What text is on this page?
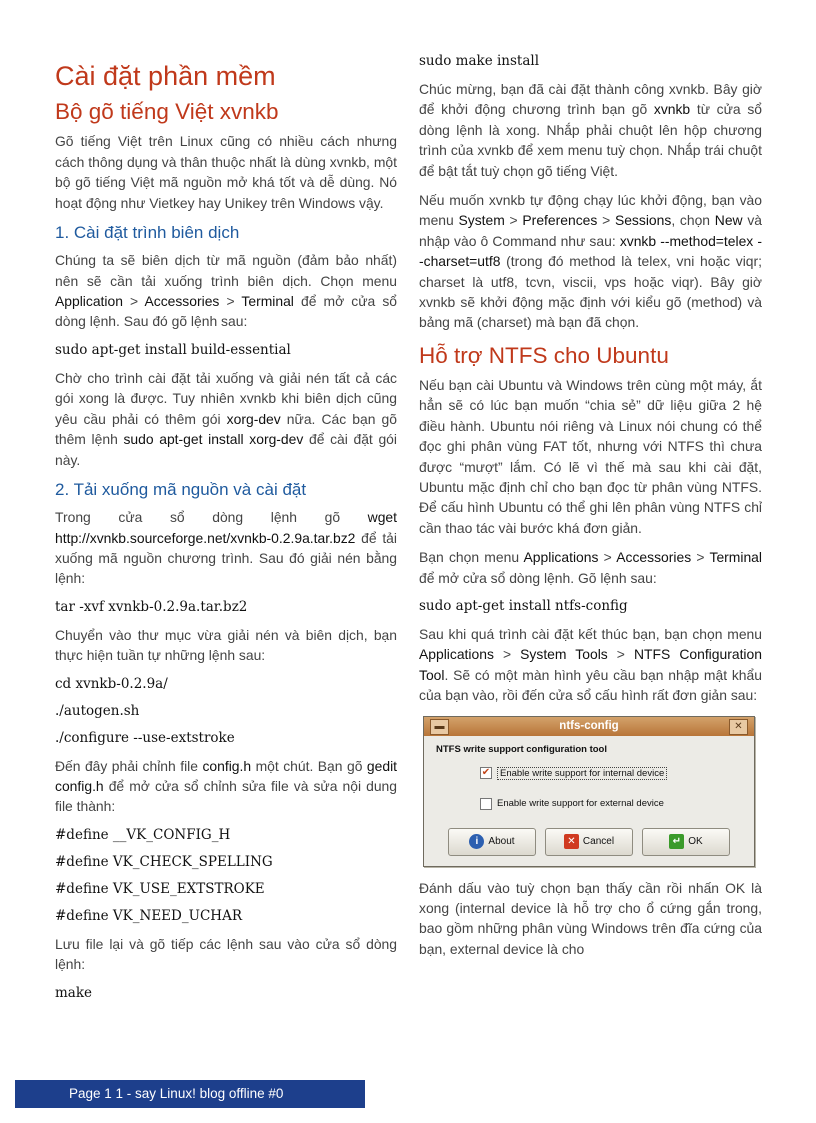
Cài đặt phần mềm
Bộ gõ tiếng Việt xvnkb

Gõ tiếng Việt trên Linux cũng có nhiều cách nhưng cách thông dụng và thân thuộc nhất là dùng xvnkb, một bộ gõ tiếng Việt mã nguồn mở khá tốt và dễ dùng. Nó hoạt động như Vietkey hay Unikey trên Windows vậy.

1. Cài đặt trình biên dịch

Chúng ta sẽ biên dịch từ mã nguồn (đảm bảo nhất) nên sẽ cần tải xuống trình biên dịch. Chọn menu Application > Accessories > Terminal để mở cửa sổ dòng lệnh. Sau đó gõ lệnh sau:

sudo apt-get install build-essential

Chờ cho trình cài đặt tải xuống và giải nén tất cả các gói xong là được. Tuy nhiên xvnkb khi biên dịch cũng yêu cầu phải có thêm gói xorg-dev nữa. Các bạn gõ thêm lệnh sudo apt-get install xorg-dev để cài đặt gói này.

2. Tải xuống mã nguồn và cài đặt

Trong cửa sổ dòng lệnh gõ wget http://xvnkb.sourceforge.net/xvnkb-0.2.9a.tar.bz2 để tải xuống mã nguồn chương trình. Sau đó giải nén bằng lệnh:

tar -xvf xvnkb-0.2.9a.tar.bz2

Chuyển vào thư mục vừa giải nén và biên dịch, bạn thực hiện tuần tự những lệnh sau:

cd xvnkb-0.2.9a/
./autogen.sh
./configure --use-extstroke

Đến đây phải chỉnh file config.h một chút. Bạn gõ gedit config.h để mở cửa sổ chỉnh sửa file và sửa nội dung file thành:

#define __VK_CONFIG_H
#define VK_CHECK_SPELLING
#define VK_USE_EXTSTROKE
#define VK_NEED_UCHAR

Lưu file lại và gõ tiếp các lệnh sau vào cửa sổ dòng lệnh:

make
sudo make install

Chúc mừng, bạn đã cài đặt thành công xvnkb. Bây giờ để khởi động chương trình bạn gõ xvnkb từ cửa sổ dòng lệnh là xong. Nhắp phải chuột lên hộp chương trình của xvnkb để xem menu tuỳ chọn. Nhắp trái chuột để bật tắt tuỳ chọn gõ tiếng Việt.

Nếu muốn xvnkb tự động chạy lúc khởi động, bạn vào menu System > Preferences > Sessions, chọn New và nhập vào ô Command như sau: xvnkb --method=telex --charset=utf8 (trong đó method là telex, vni hoặc viqr; charset là utf8, tcvn, viscii, vps hoặc viqr). Bây giờ xvnkb sẽ khởi động mặc định với kiểu gõ (method) và bảng mã (charset) mà bạn đã chọn.

Hỗ trợ NTFS cho Ubuntu

Nếu bạn cài Ubuntu và Windows trên cùng một máy, ắt hẳn sẽ có lúc bạn muốn “chia sẻ” dữ liệu giữa 2 hệ điều hành. Ubuntu nói riêng và Linux nói chung có thể đọc ghi phân vùng FAT tốt, nhưng với NTFS thì chưa được “mượt” lắm. Có lẽ vì thế mà sau khi cài đặt, Ubuntu mặc định chỉ cho bạn đọc từ phân vùng NTFS. Để cấu hình Ubuntu có thể ghi lên phân vùng NTFS chỉ cần thao tác vài bước khá đơn giản.

Bạn chọn menu Applications > Accessories > Terminal để mở cửa sổ dòng lệnh. Gõ lệnh sau:

sudo apt-get install ntfs-config

Sau khi quá trình cài đặt kết thúc bạn, bạn chọn menu Applications > System Tools > NTFS Configuration Tool. Sẽ có một màn hình yêu cầu bạn nhập mật khẩu của bạn vào, rồi đến cửa sổ cấu hình rất đơn giản sau:

▬	ntfs-config	✕
NTFS write support configuration tool
✔	Enable write support for internal device
Enable write support for external device
i	About	✕ Cancel	↵ OK

Đánh dấu vào tuỳ chọn bạn thấy cần rồi nhấn OK là xong (internal device là hỗ trợ cho ổ cứng gắn trong, bao gồm những phân vùng Windows trên đĩa cứng của bạn, external device là cho

Page 1 1 - say Linux! blog offline #0
